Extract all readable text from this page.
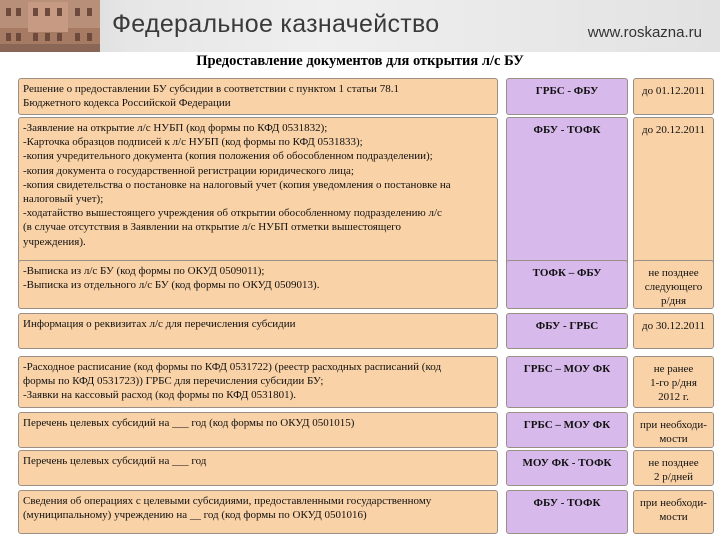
Федеральное казначейство	www.roskazna.ru
Предоставление документов для открытия л/с БУ
Решение о предоставлении БУ субсидии в соответствии с пунктом 1 статьи 78.1
Бюджетного кодекса Российской Федерации
ГРБС - ФБУ	до 01.12.2011
-Заявление на открытие л/с НУБП (код формы по КФД 0531832);
-Карточка образцов подписей к л/с НУБП (код формы по КФД 0531833);
-копия учредительного документа (копия положения об обособленном подразделении);
-копия документа о государственной регистрации юридического лица;
-копия свидетельства о постановке на налоговый учет (копия уведомления о постановке на
налоговый учет);
-ходатайство вышестоящего учреждения об открытии обособленному подразделению л/с
(в случае отсутствия в Заявлении на открытие л/с НУБП отметки вышестоящего
учреждения).
ФБУ - ТОФК	до 20.12.2011
-Выписка из л/с БУ (код формы по ОКУД 0509011);
-Выписка из отдельного л/с БУ (код формы по ОКУД 0509013).
ТОФК – ФБУ	не позднее
следующего
р/дня
Информация о реквизитах л/с для перечисления субсидии	ФБУ - ГРБС	до 30.12.2011
-Расходное расписание (код формы по КФД 0531722) (реестр расходных расписаний (код
формы по КФД 0531723)) ГРБС для перечисления субсидии БУ;
-Заявки на кассовый расход (код формы по КФД 0531801).
ГРБС – МОУ ФК	не ранее
1-го р/дня
2012 г.
Перечень целевых субсидий на ___ год (код формы по ОКУД 0501015)	ГРБС – МОУ ФК	при необходи-
мости
Перечень целевых субсидий на ___ год	МОУ ФК - ТОФК	не позднее
2 р/дней
Сведения об операциях с целевыми субсидиями, предоставленными государственному
(муниципальному) учреждению на __ год (код формы по ОКУД 0501016)
ФБУ - ТОФК	при необходи-
мости
